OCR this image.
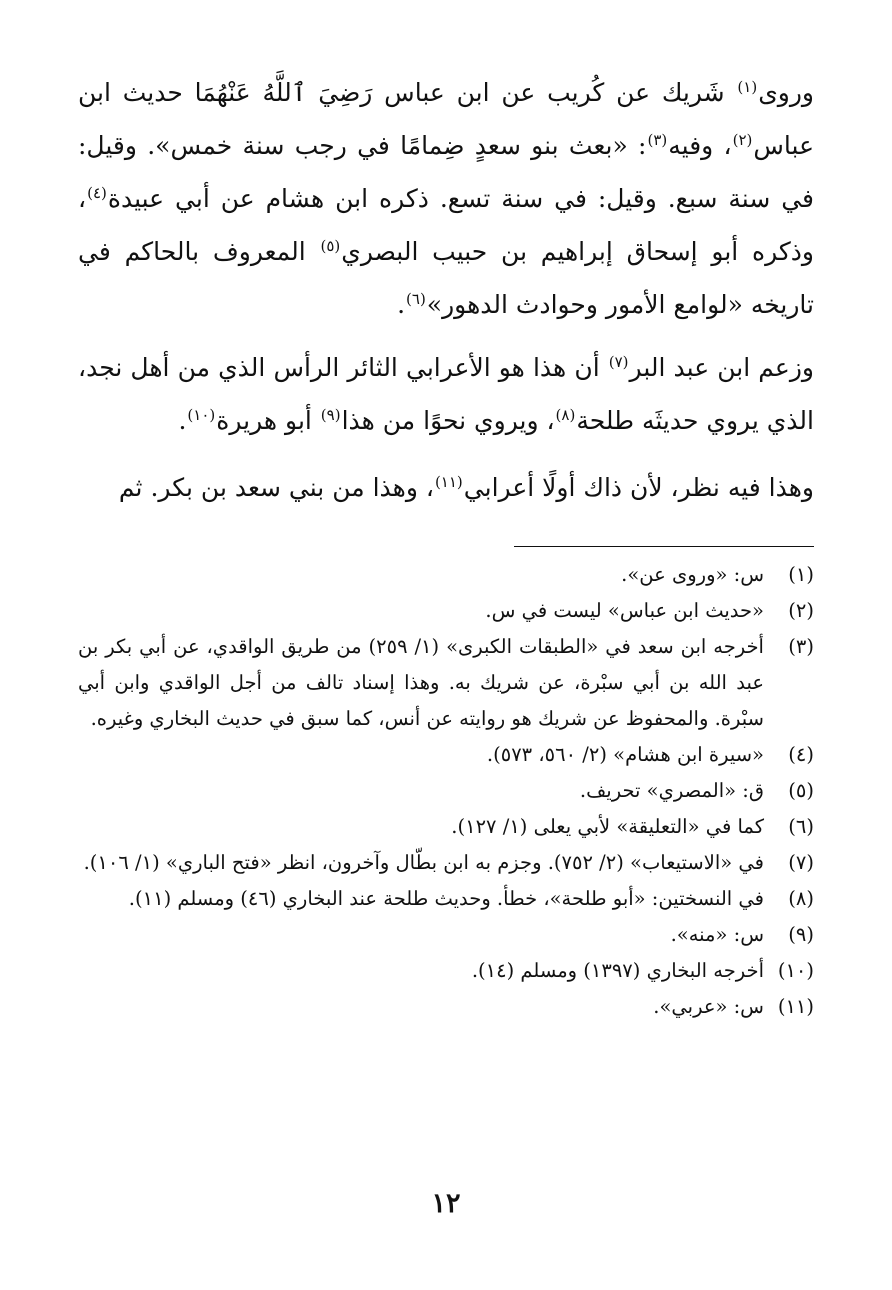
وروى$^{(١)}$ شَريك عن كُريب عن ابن عباس رَضِيَ ٱللَّهُ عَنْهُمَا حديث ابن عباس$^{(٢)}$، وفيه$^{(٣)}$: «بعث بنو سعدٍ ضِمامًا في رجب سنة خمس». وقيل: في سنة سبع. وقيل: في سنة تسع. ذكره ابن هشام عن أبي عبيدة$^{(٤)}$، وذكره أبو إسحاق إبراهيم بن حبيب البصري$^{(٥)}$ المعروف بالحاكم في تاريخه «لوامع الأمور وحوادث الدهور»$^{(٦)}$.

وزعم ابن عبد البر$^{(٧)}$ أن هذا هو الأعرابي الثائر الرأس الذي من أهل نجد، الذي يروي حديثَه طلحة$^{(٨)}$، ويروي نحوًا من هذا$^{(٩)}$ أبو هريرة$^{(١٠)}$.

وهذا فيه نظر، لأن ذاك أولًا أعرابي$^{(١١)}$، وهذا من بني سعد بن بكر. ثم

(١)
س: «وروى عن».
(٢)
«حديث ابن عباس» ليست في س.
(٣)
أخرجه ابن سعد في «الطبقات الكبرى» (١/ ٢٥٩) من طريق الواقدي، عن أبي بكر بن عبد الله بن أبي سبْرة، عن شريك به. وهذا إسناد تالف من أجل الواقدي وابن أبي سبْرة. والمحفوظ عن شريك هو روايته عن أنس، كما سبق في حديث البخاري وغيره.
(٤)
«سيرة ابن هشام» (٢/ ٥٦٠، ٥٧٣).
(٥)
ق: «المصري» تحريف.
(٦)
كما في «التعليقة» لأبي يعلى (١/ ١٢٧).
(٧)
في «الاستيعاب» (٢/ ٧٥٢). وجزم به ابن بطّال وآخرون، انظر «فتح الباري» (١/ ١٠٦).
(٨)
في النسختين: «أبو طلحة»، خطأ. وحديث طلحة عند البخاري (٤٦) ومسلم (١١).
(٩)
س: «منه».
(١٠)
أخرجه البخاري (١٣٩٧) ومسلم (١٤).
(١١)
س: «عربي».
١٢
